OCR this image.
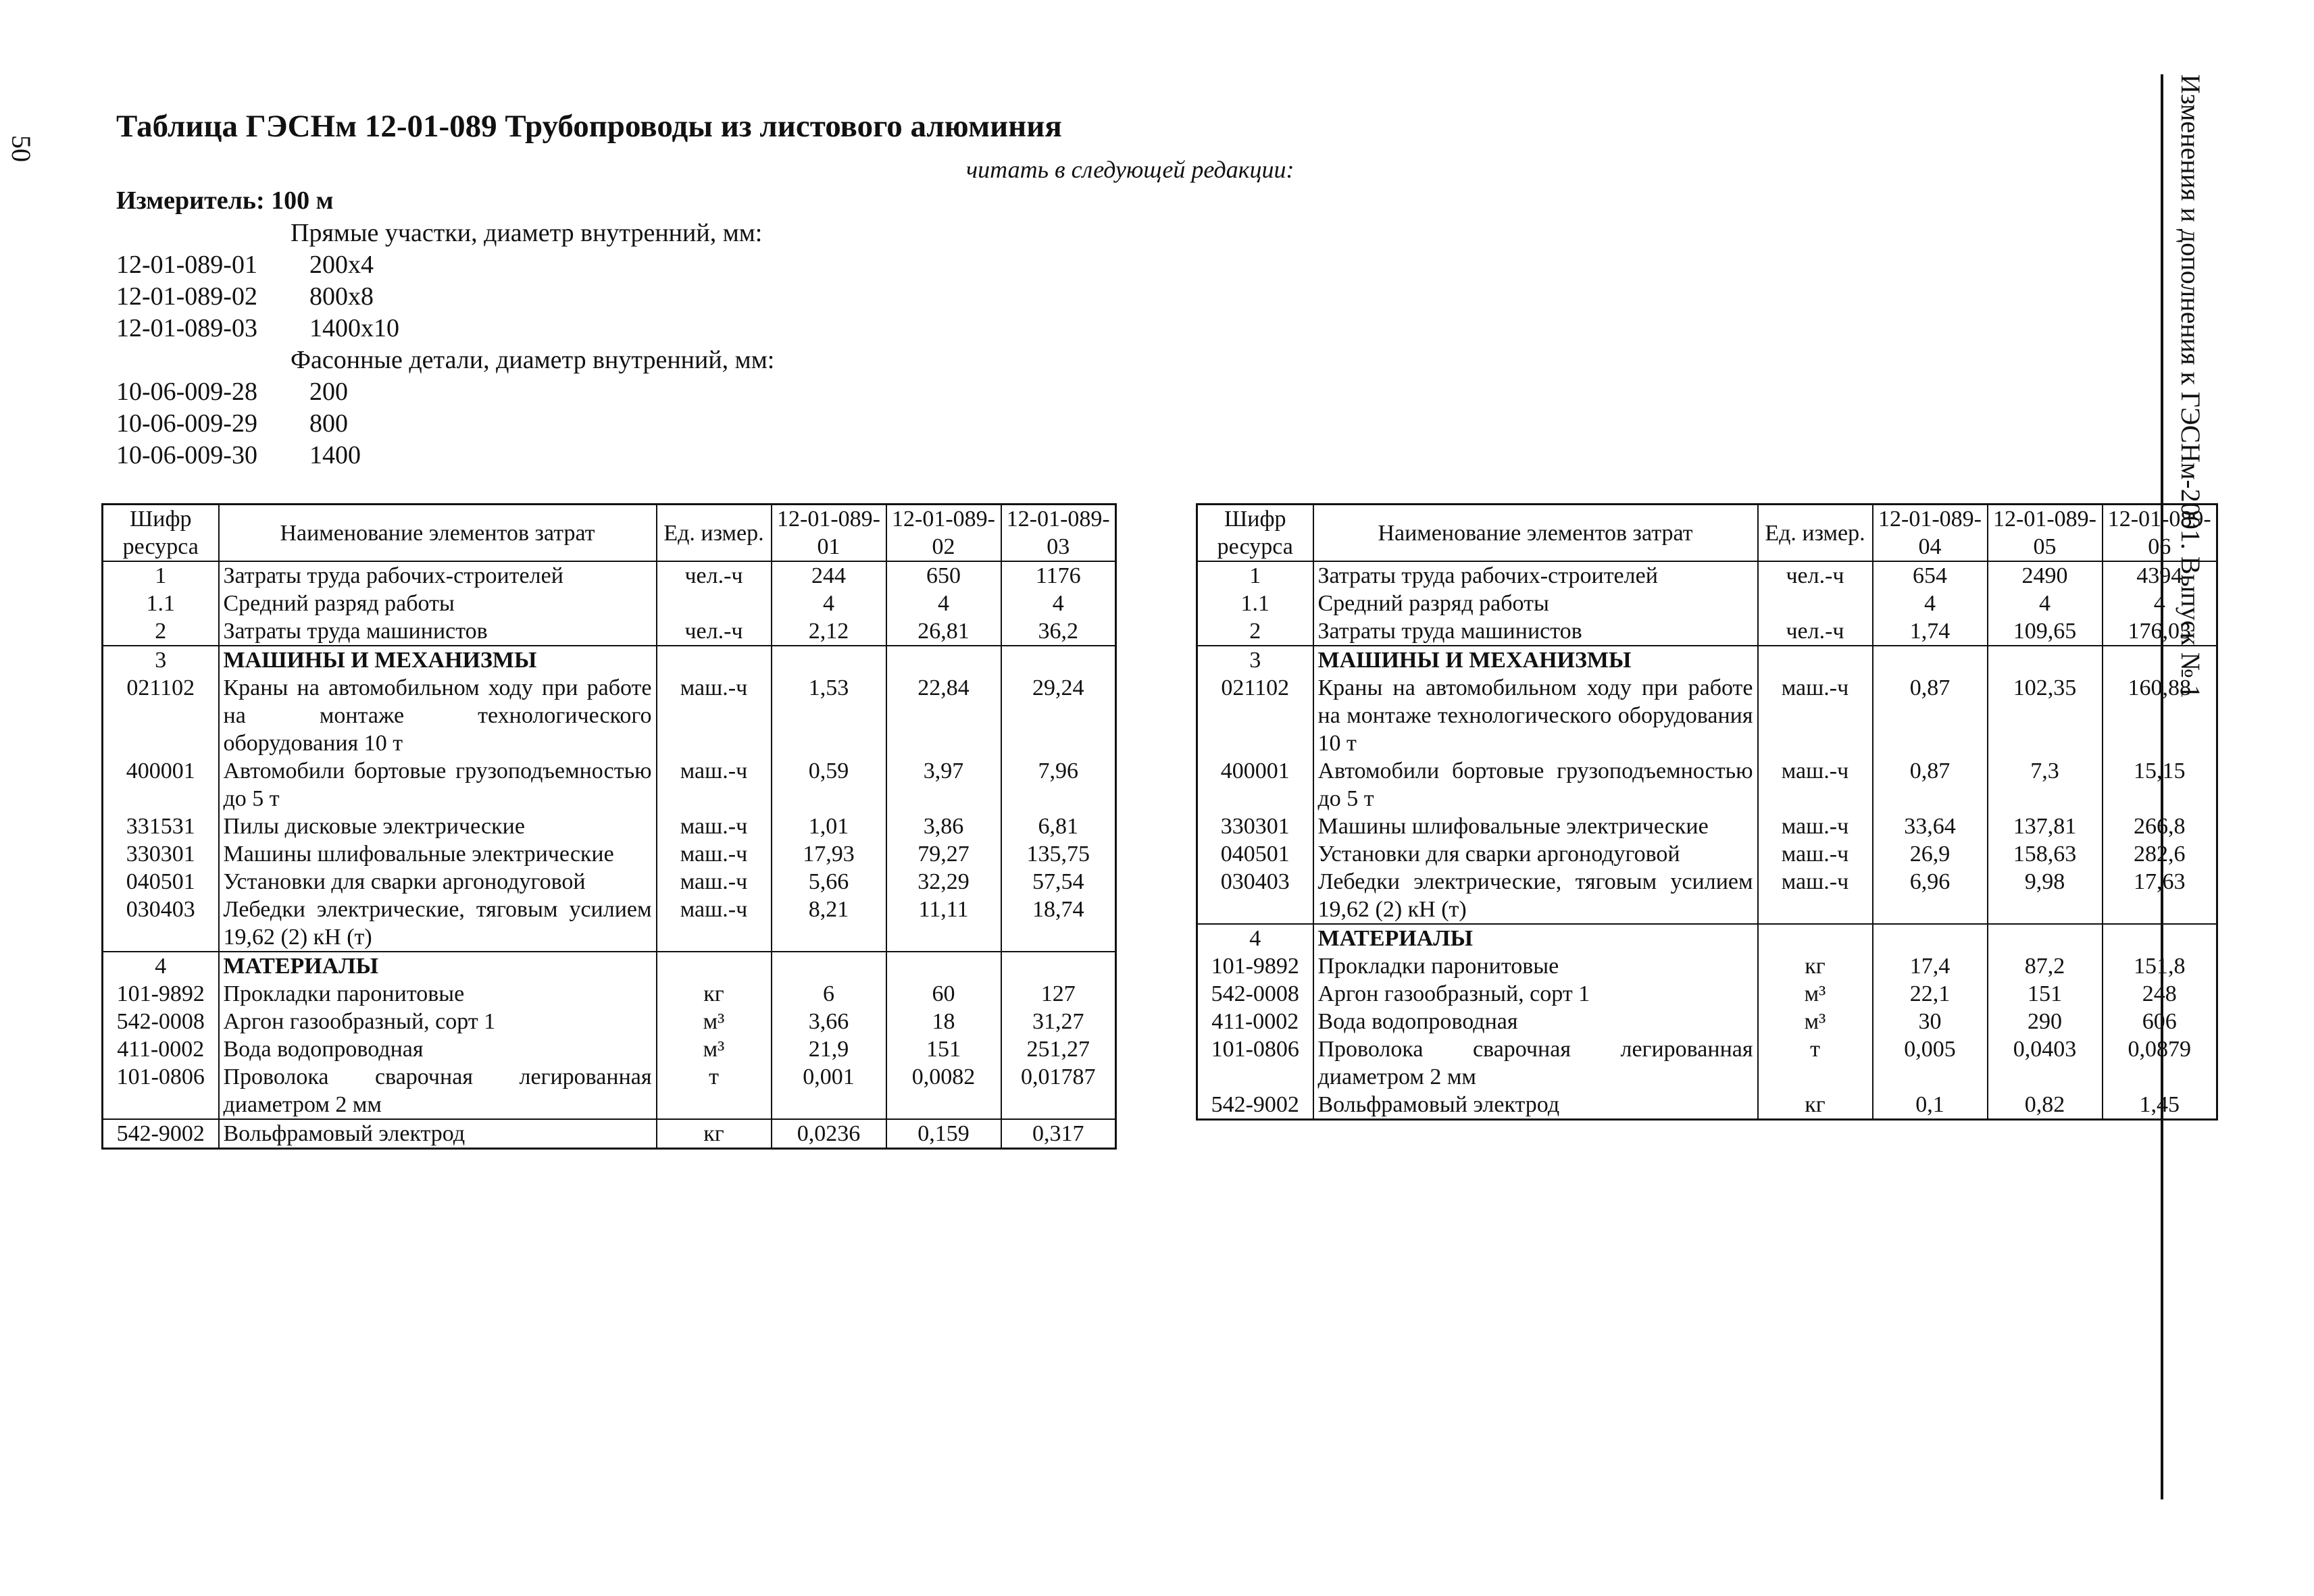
50
Таблица ГЭСНм 12-01-089 Трубопроводы из листового алюминия
читать в следующей редакции:
Измеритель: 100 м
Прямые участки, диаметр внутренний, мм:
12-01-089-01 200х4
12-01-089-02 800х8
12-01-089-03 1400х10
Фасонные детали, диаметр внутренний, мм:
10-06-009-28 200
10-06-009-29 800
10-06-009-30 1400	Изменения и дополнения к ГЭСНм-2001. Выпуск № 1
Шифр ресурса	Наименование элементов затрат	Ед. измер.	12-01-089-01	12-01-089-02	12-01-089-03
1	Затраты труда рабочих-строителей	чел.-ч	244	650	1176
1.1	Средний разряд работы		4	4	4
2	Затраты труда машинистов	чел.-ч	2,12	26,81	36,2
3	МАШИНЫ И МЕХАНИЗМЫ				
021102	Краны на автомобильном ходу при работе на монтаже технологического оборудования 10 т	маш.-ч	1,53	22,84	29,24
400001	Автомобили бортовые грузоподъемностью до 5 т	маш.-ч	0,59	3,97	7,96
331531	Пилы дисковые электрические	маш.-ч	1,01	3,86	6,81
330301	Машины шлифовальные электрические	маш.-ч	17,93	79,27	135,75
040501	Установки для сварки аргонодуговой	маш.-ч	5,66	32,29	57,54
030403	Лебедки электрические, тяговым усилием 19,62 (2) кН (т)	маш.-ч	8,21	11,11	18,74
4	МАТЕРИАЛЫ				
101-9892	Прокладки паронитовые	кг	6	60	127
542-0008	Аргон газообразный, сорт 1	м³	3,66	18	31,27
411-0002	Вода водопроводная	м³	21,9	151	251,27
101-0806	Проволока сварочная легированная диаметром 2 мм	т	0,001	0,0082	0,01787
542-9002	Вольфрамовый электрод	кг	0,0236	0,159	0,317
Шифр ресурса	Наименование элементов затрат	Ед. измер.	12-01-089-04	12-01-089-05	12-01-089-06
1	Затраты труда рабочих-строителей	чел.-ч	654	2490	4394
1.1	Средний разряд работы		4	4	4
2	Затраты труда машинистов	чел.-ч	1,74	109,65	176,03
3	МАШИНЫ И МЕХАНИЗМЫ				
021102	Краны на автомобильном ходу при работе на монтаже технологического оборудования 10 т	маш.-ч	0,87	102,35	160,88
400001	Автомобили бортовые грузоподъемностью до 5 т	маш.-ч	0,87	7,3	15,15
330301	Машины шлифовальные электрические	маш.-ч	33,64	137,81	266,8
040501	Установки для сварки аргонодуговой	маш.-ч	26,9	158,63	282,6
030403	Лебедки электрические, тяговым усилием 19,62 (2) кН (т)	маш.-ч	6,96	9,98	17,63
4	МАТЕРИАЛЫ				
101-9892	Прокладки паронитовые	кг	17,4	87,2	151,8
542-0008	Аргон газообразный, сорт 1	м³	22,1	151	248
411-0002	Вода водопроводная	м³	30	290	606
101-0806	Проволока сварочная легированная диаметром 2 мм	т	0,005	0,0403	0,0879
542-9002	Вольфрамовый электрод	кг	0,1	0,82	1,45
